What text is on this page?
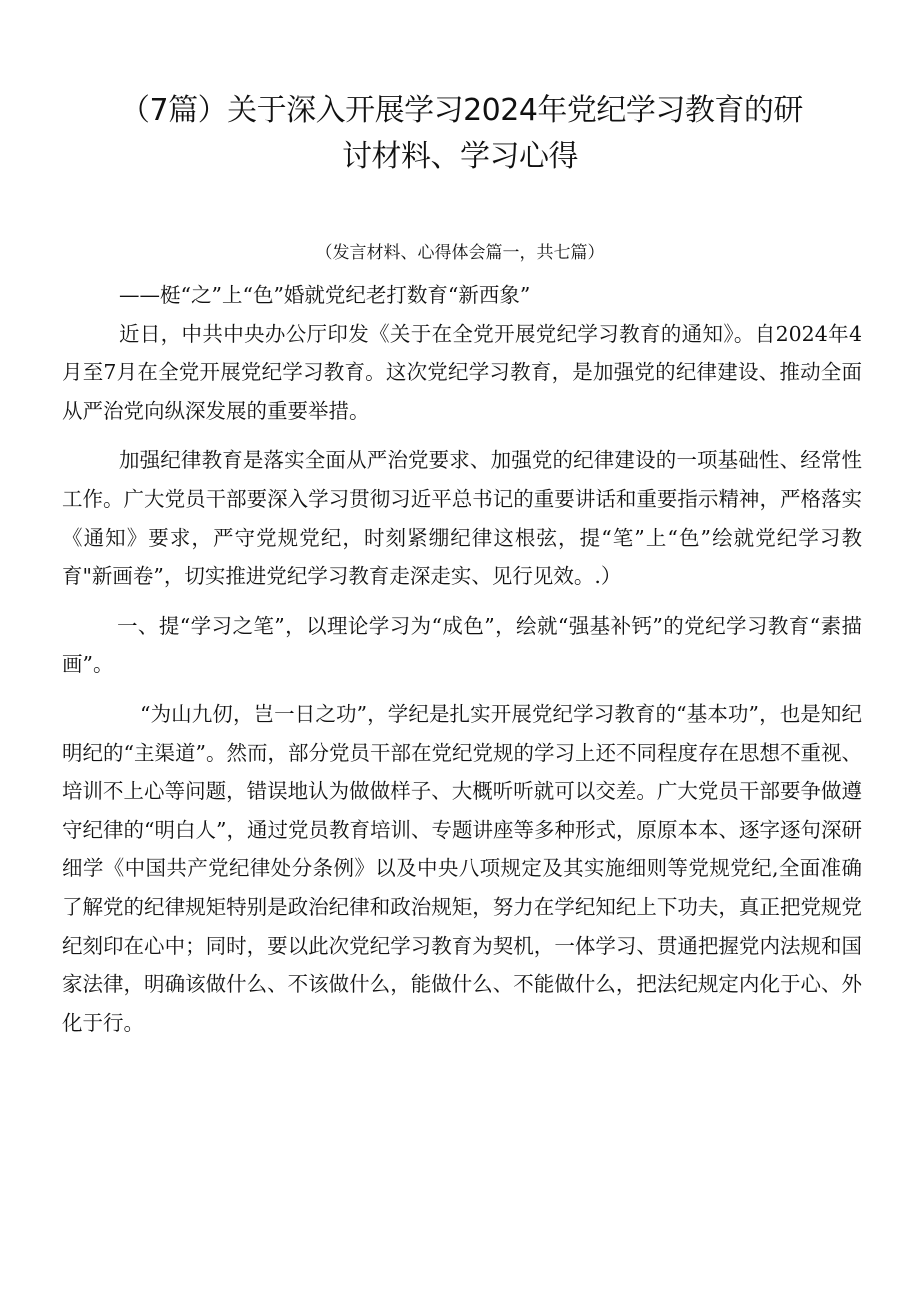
（7篇）关于深入开展学习2024年党纪学习教育的研
讨材料、学习心得
（发言材料、心得体会篇一，共七篇）

——梃“之”上“色”婚就党纪老打数育“新西象”

近日，中共中央办公厅印发《关于在全党开展党纪学习教育的通知》。自2024年4月至7月在全党开展党纪学习教育。这次党纪学习教育，是加强党的纪律建设、推动全面从严治党向纵深发展的重要举措。

加强纪律教育是落实全面从严治党要求、加强党的纪律建设的一项基础性、经常性工作。广大党员干部要深入学习贯彻习近平总书记的重要讲话和重要指示精神，严格落实《通知》要求，严守党规党纪，时刻紧绷纪律这根弦，提“笔”上“色”绘就党纪学习教育"新画卷”，切实推进党纪学习教育走深走实、见行见效。.）

一、提“学习之笔”，以理论学习为“成色”，绘就“强基补钙”的党纪学习教育“素描画”。

“为山九仞，岂一日之功”，学纪是扎实开展党纪学习教育的“基本功”，也是知纪明纪的“主渠道”。然而，部分党员干部在党纪党规的学习上还不同程度存在思想不重视、培训不上心等问题，错误地认为做做样子、大概听听就可以交差。广大党员干部要争做遵守纪律的“明白人”，通过党员教育培训、专题讲座等多种形式，原原本本、逐字逐句深研细学《中国共产党纪律处分条例》以及中央八项规定及其实施细则等党规党纪,全面准确了解党的纪律规矩特别是政治纪律和政治规矩，努力在学纪知纪上下功夫，真正把党规党纪刻印在心中；同时，要以此次党纪学习教育为契机，一体学习、贯通把握党内法规和国家法律，明确该做什么、不该做什么，能做什么、不能做什么，把法纪规定内化于心、外化于行。
